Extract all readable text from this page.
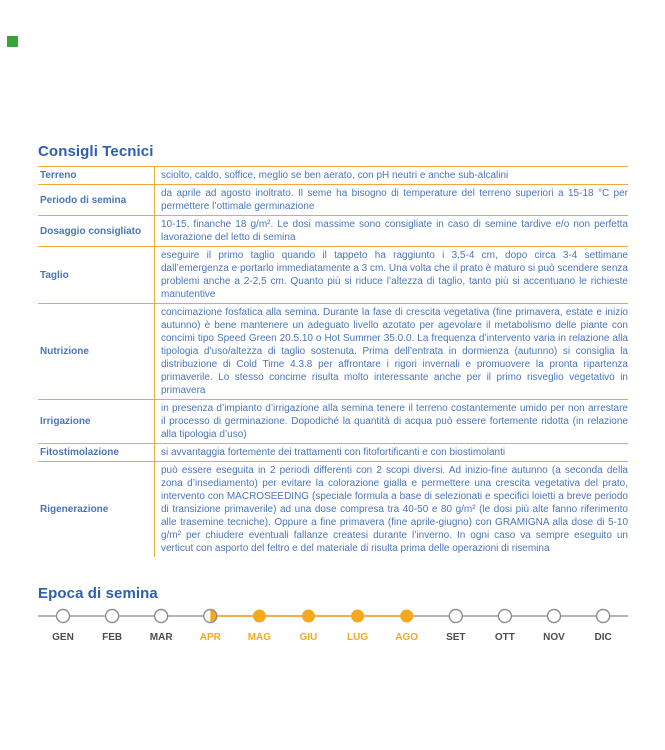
Consigli Tecnici
Terreno	sciolto, caldo, soffice, meglio se ben aerato, con pH neutri e anche sub-alcalini
Periodo di semina	da aprile ad agosto inoltrato. Il seme ha bisogno di temperature del terreno superiori a 15-18 °C per permettere l’ottimale germinazione
Dosaggio consigliato	10-15, finanche 18 g/m². Le dosi massime sono consigliate in caso di semine tardive e/o non perfetta lavorazione del letto di semina
Taglio	eseguire il primo taglio quando il tappeto ha raggiunto i 3,5-4 cm, dopo circa 3-4 settimane dall’emergenza e portarlo immediatamente a 3 cm. Una volta che il prato è maturo si può scendere senza problemi anche a 2-2,5 cm. Quanto più si riduce l’altezza di taglio, tanto più si accentuano le richieste manutentive
Nutrizione	concimazione fosfatica alla semina. Durante la fase di crescita vegetativa (fine primavera, estate e inizio autunno) è bene mantenere un adeguato livello azotato per agevolare il metabolismo delle piante con concimi tipo Speed Green 20.5.10 o Hot Summer 35.0.0. La frequenza d’intervento varia in relazione alla tipologia d’uso/altezza di taglio sostenuta. Prima dell’entrata in dormienza (autunno) si consiglia la distribuzione di Cold Time 4.3.8 per affrontare i rigori invernali e promuovere la pronta ripartenza primaverile. Lo stesso concime risulta molto interessante anche per il primo risveglio vegetativo in primavera
Irrigazione	in presenza d’impianto d’irrigazione alla semina tenere il terreno costantemente umido per non arrestare il processo di germinazione. Dopodiché la quantità di acqua può essere fortemente ridotta (in relazione alla tipologia d’uso)
Fitostimolazione	si avvantaggia fortemente dei trattamenti con fitofortificanti e con biostimolanti
Rigenerazione	può essere eseguita in 2 periodi differenti con 2 scopi diversi. Ad inizio-fine autunno (a seconda della zona d’insediamento) per evitare la colorazione gialla e permettere una crescita vegetativa del prato, intervento con MACROSEEDING (speciale formula a base di selezionati e specifici loietti a breve periodo di transizione primaverile) ad una dose compresa tra 40-50 e 80 g/m² (le dosi più alte fanno riferimento alle trasemine tecniche). Oppure a fine primavera (fine aprile-giugno) con GRAMIGNA alla dose di 5-10 g/m² per chiudere eventuali fallanze createsi durante l’inverno. In ogni caso va sempre eseguito un verticut con asporto del feltro e del materiale di risulta prima delle operazioni di risemina
Epoca di semina
GEN	FEB	MAR	APR	MAG	GIU	LUG	AGO	SET	OTT	NOV	DIC
